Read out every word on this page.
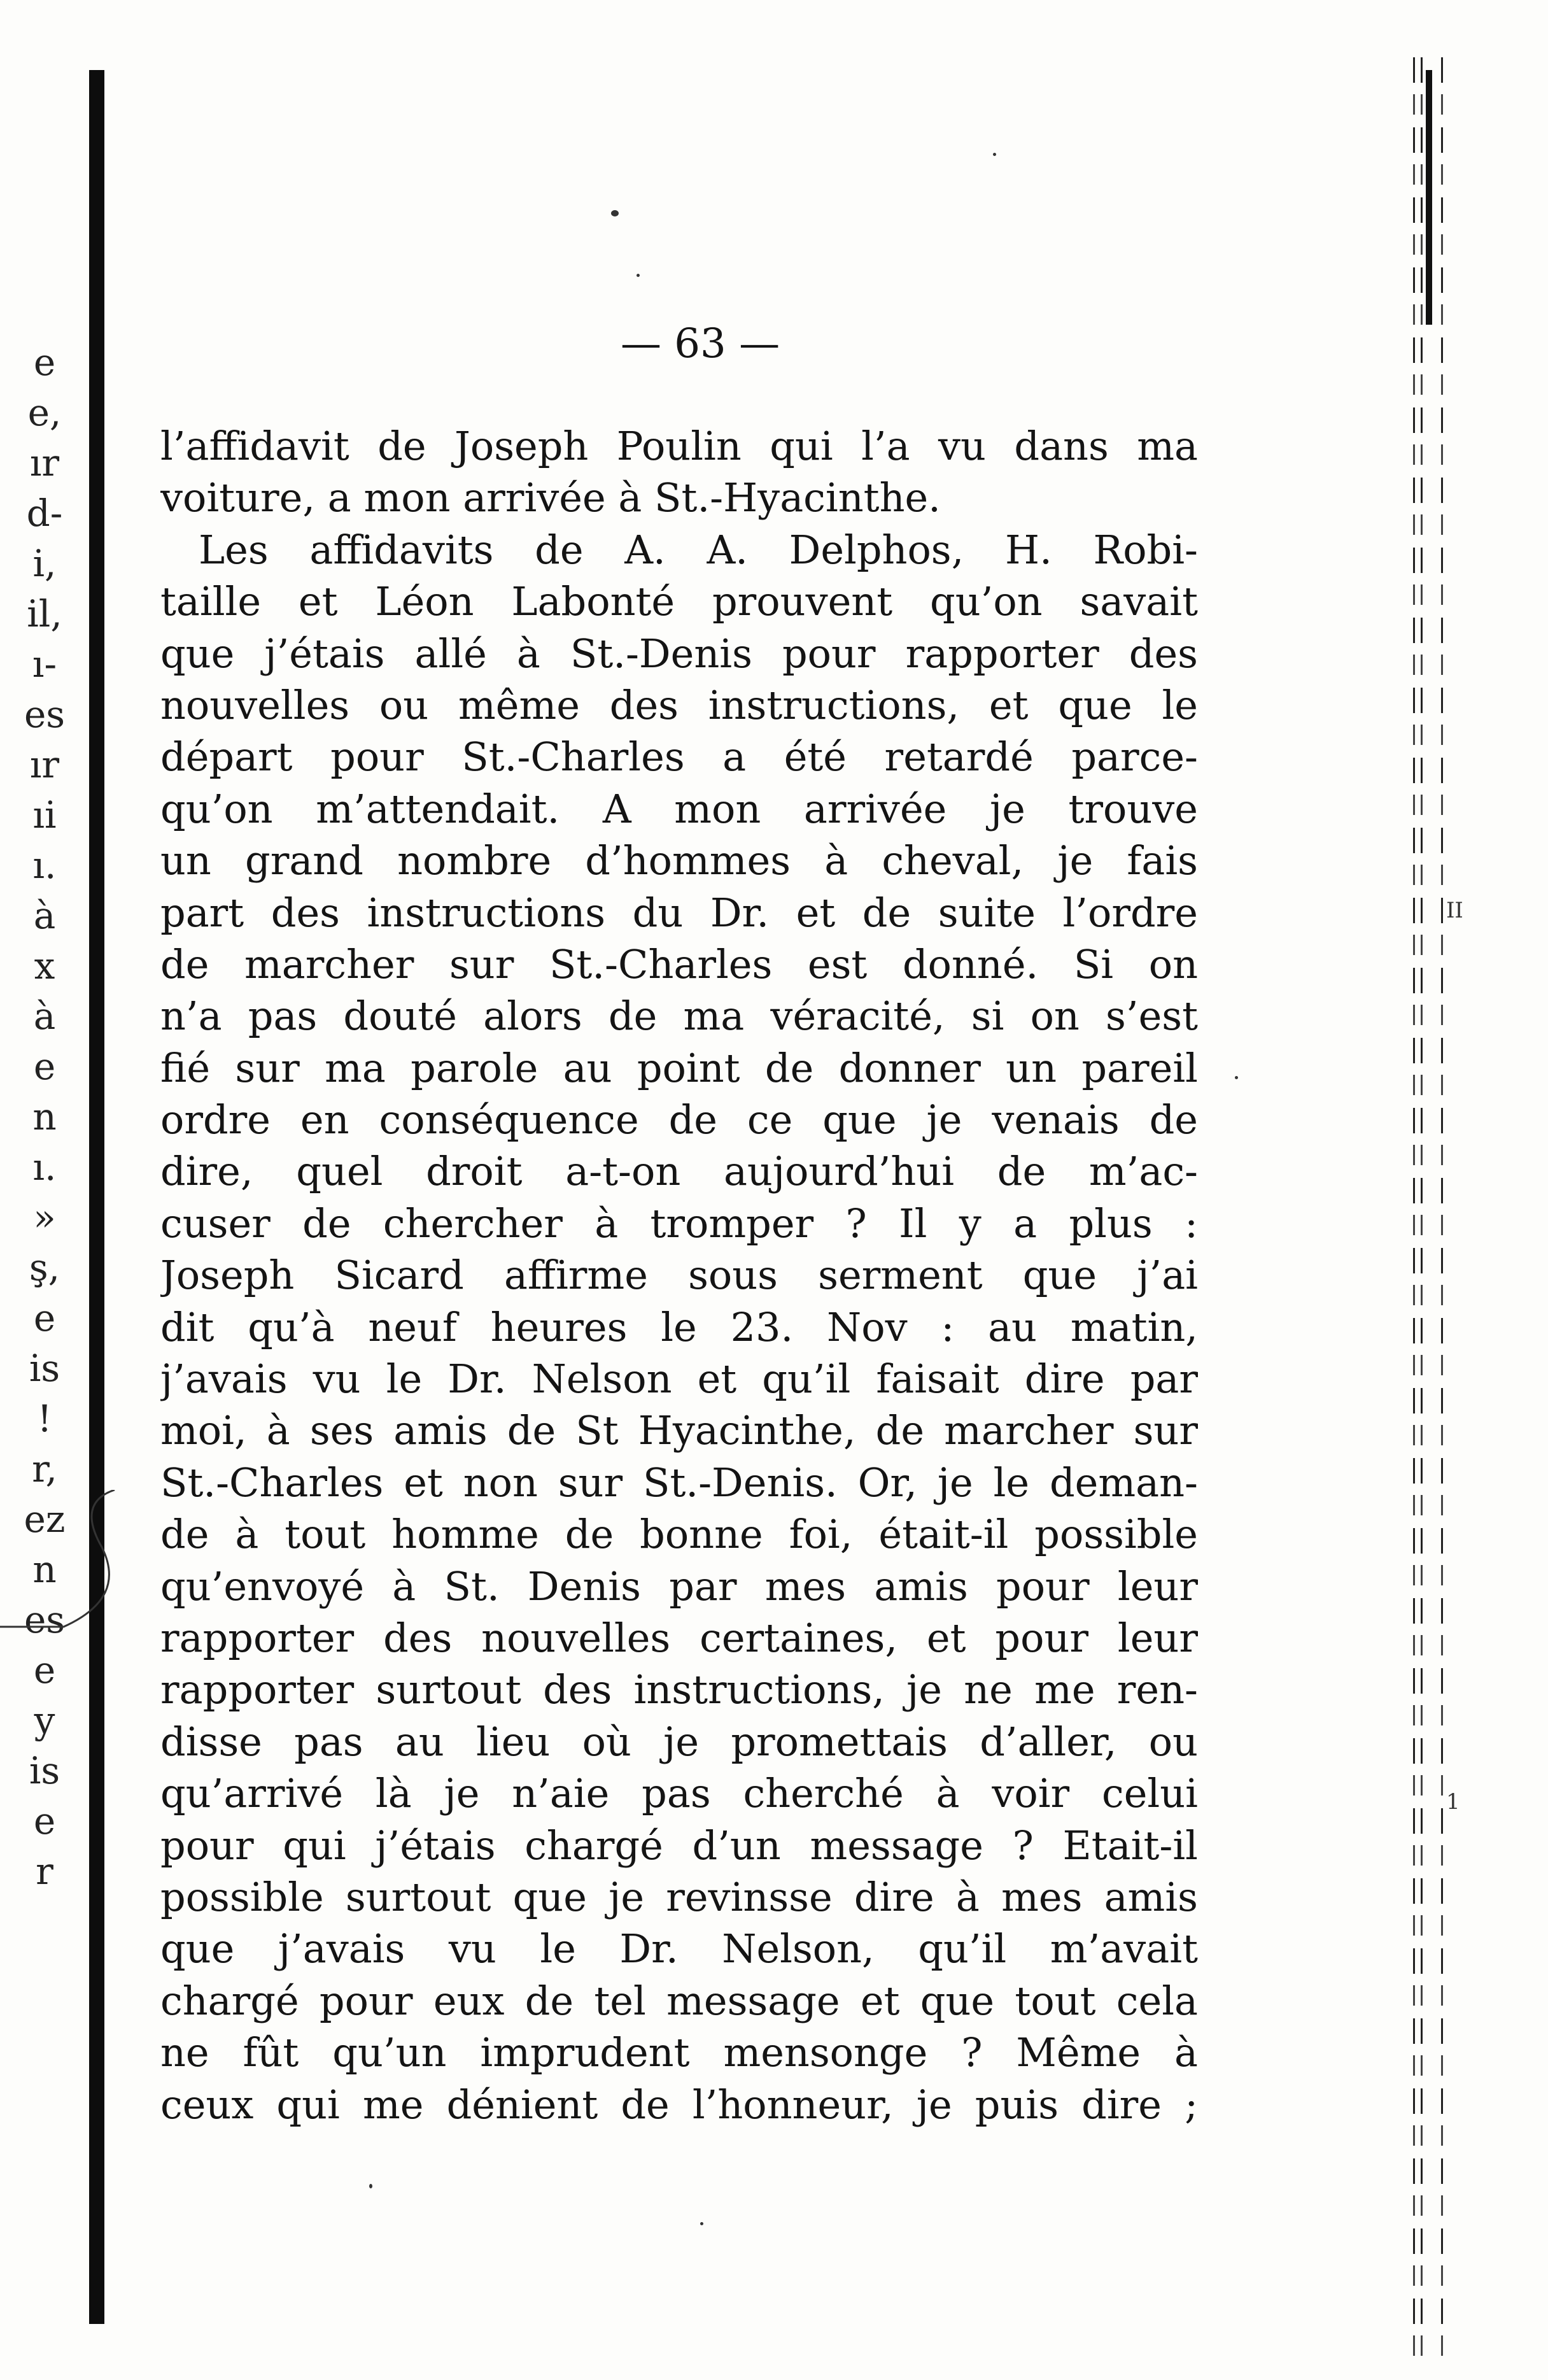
e
e,
ır
d-
i,
il,
ı-
es
ır
ıi
ı.
à
x
à
e
n
ı.
»
ş,
e
is
!
r,
ez
n
es
e
y
is
e
r
II
1
— 63 —
l’affidavit de Joseph Poulin qui l’a vu dans ma
voiture, a mon arrivée à St.-Hyacinthe.
Les affidavits de A. A. Delphos, H. Robi-
taille et Léon Labonté prouvent qu’on savait
que j’étais allé à St.-Denis pour rapporter des
nouvelles ou même des instructions, et que le
départ pour St.-Charles a été retardé parce-
qu’on m’attendait. A mon arrivée je trouve
un grand nombre d’hommes à cheval, je fais
part des instructions du Dr. et de suite l’ordre
de marcher sur St.-Charles est donné. Si on
n’a pas douté alors de ma véracité, si on s’est
fié sur ma parole au point de donner un pareil
ordre en conséquence de ce que je venais de
dire, quel droit a-t-on aujourd’hui de m’ac-
cuser de chercher à tromper ? Il y a plus :
Joseph Sicard affirme sous serment que j’ai
dit qu’à neuf heures le 23. Nov : au matin,
j’avais vu le Dr. Nelson et qu’il faisait dire par
moi, à ses amis de St Hyacinthe, de marcher sur
St.-Charles et non sur St.-Denis. Or, je le deman-
de à tout homme de bonne foi, était-il possible
qu’envoyé à St. Denis par mes amis pour leur
rapporter des nouvelles certaines, et pour leur
rapporter surtout des instructions, je ne me ren-
disse pas au lieu où je promettais d’aller, ou
qu’arrivé là je n’aie pas cherché à voir celui
pour qui j’étais chargé d’un message ? Etait-il
possible surtout que je revinsse dire à mes amis
que j’avais vu le Dr. Nelson, qu’il m’avait
chargé pour eux de tel message et que tout cela
ne fût qu’un imprudent mensonge ? Même à
ceux qui me dénient de l’honneur, je puis dire ;
